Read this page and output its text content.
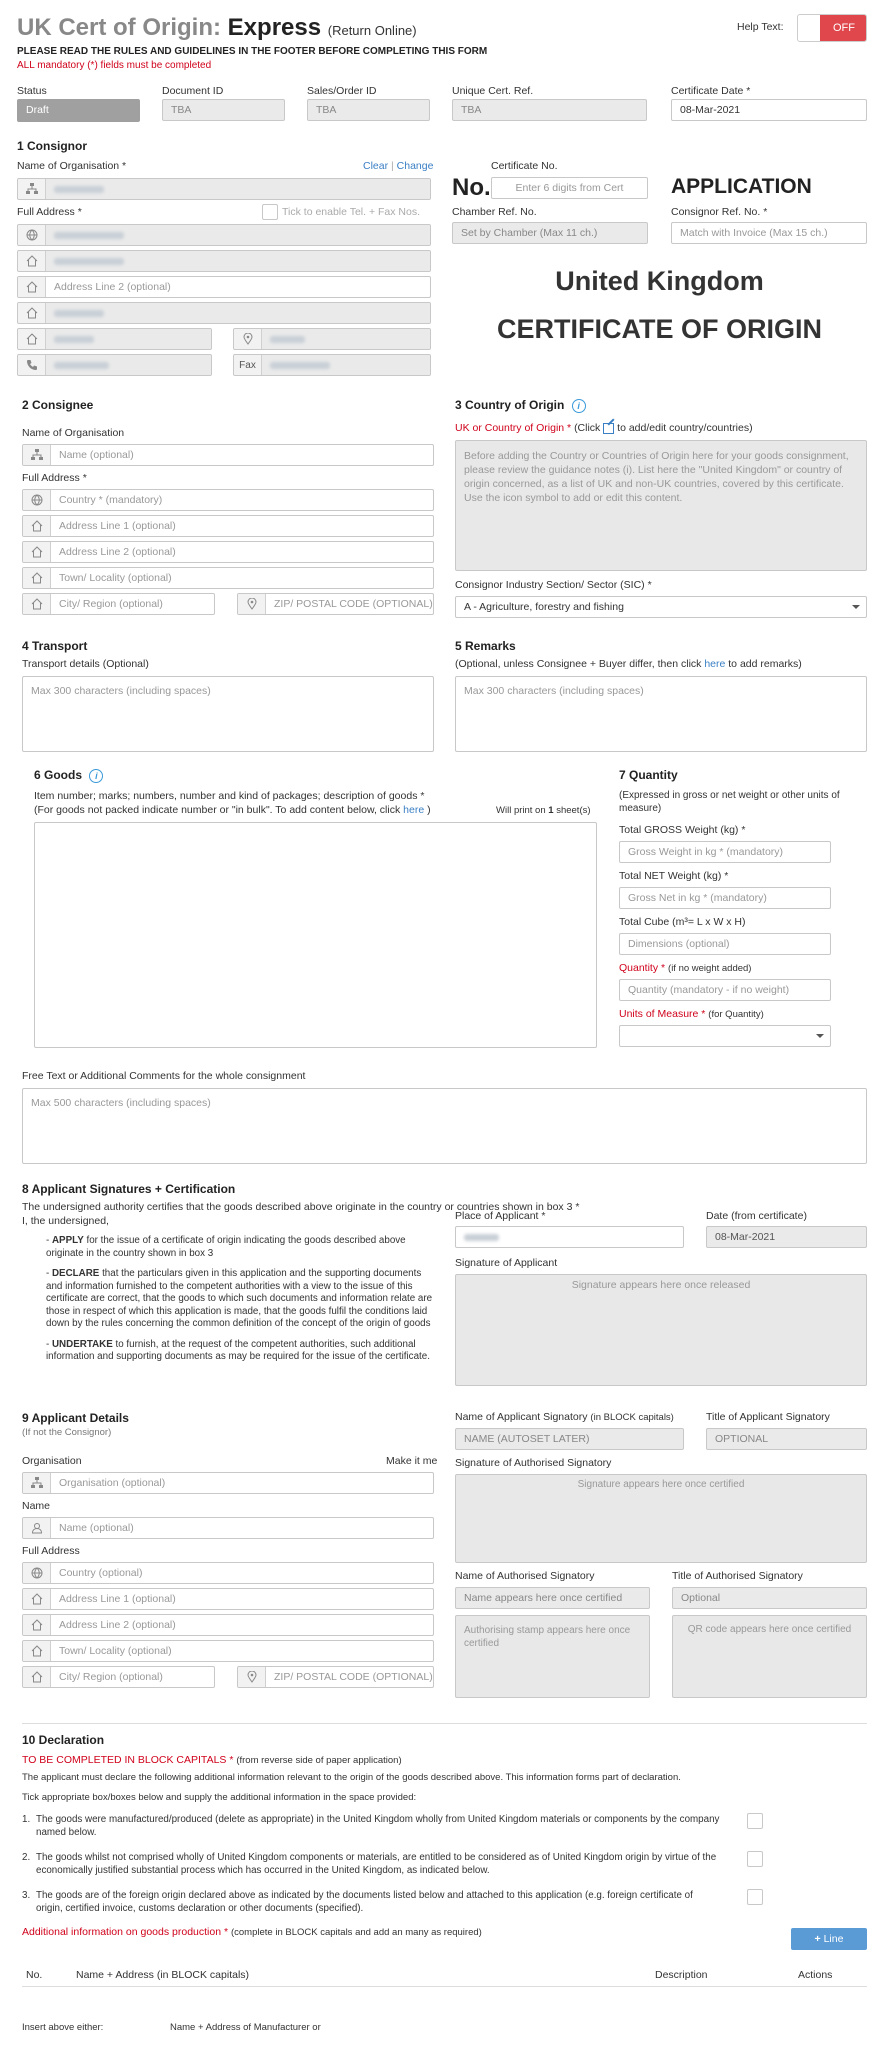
UK Cert of Origin: Express (Return Online)
PLEASE READ THE RULES AND GUIDELINES IN THE FOOTER BEFORE COMPLETING THIS FORM
ALL mandatory (*) fields must be completed
Help Text:	OFF
Status
Draft
Document ID
TBA
Sales/Order ID
TBA
Unique Cert. Ref.
TBA
Certificate Date *
08-Mar-2021
1 Consignor
Name of Organisation *	Clear | Change
Full Address *	Tick to enable Tel. + Fax Nos.
Address Line 2 (optional)
Fax
Certificate No.
No.	Enter 6 digits from Cert	APPLICATION
Chamber Ref. No.
Set by Chamber (Max 11 ch.)
Consignor Ref. No. *
Match with Invoice (Max 15 ch.)
United Kingdom
CERTIFICATE OF ORIGIN
2 Consignee
Name of Organisation
Name (optional)
Full Address *
Country * (mandatory)
Address Line 1 (optional)
Address Line 2 (optional)
Town/ Locality (optional)
City/ Region (optional)	ZIP/ POSTAL CODE (OPTIONAL)
3 Country of Origin i
UK or Country of Origin * (Click to add/edit country/countries)
Before adding the Country or Countries of Origin here for your goods consignment, please review the guidance notes (i). List here the "United Kingdom" or country of origin concerned, as a list of UK and non-UK countries, covered by this certificate. Use the icon symbol to add or edit this content.
Consignor Industry Section/ Sector (SIC) *
A - Agriculture, forestry and fishing
4 Transport
Transport details (Optional)
Max 300 characters (including spaces)
5 Remarks
(Optional, unless Consignee + Buyer differ, then click here to add remarks)
Max 300 characters (including spaces)
6 Goods i
Item number; marks; numbers, number and kind of packages; description of goods *
(For goods not packed indicate number or "in bulk". To add content below, click here )	Will print on 1 sheet(s)
7 Quantity
(Expressed in gross or net weight or other units of measure)
Total GROSS Weight (kg) *
Gross Weight in kg * (mandatory)
Total NET Weight (kg) *
Gross Net in kg * (mandatory)
Total Cube (m³= L x W x H)
Dimensions (optional)
Quantity * (if no weight added)
Quantity (mandatory - if no weight)
Units of Measure * (for Quantity)
Free Text or Additional Comments for the whole consignment
Max 500 characters (including spaces)
8 Applicant Signatures + Certification
The undersigned authority certifies that the goods described above originate in the country or countries shown in box 3 *
I, the undersigned,
- APPLY for the issue of a certificate of origin indicating the goods described above originate in the country shown in box 3
- DECLARE that the particulars given in this application and the supporting documents and information furnished to the competent authorities with a view to the issue of this certificate are correct, that the goods to which such documents and information relate are those in respect of which this application is made, that the goods fulfil the conditions laid down by the rules concerning the common definition of the concept of the origin of goods
- UNDERTAKE to furnish, at the request of the competent authorities, such additional information and supporting documents as may be required for the issue of the certificate.
Place of Applicant *	Date (from certificate)
08-Mar-2021
Signature of Applicant
Signature appears here once released
9 Applicant Details
(If not the Consignor)
Organisation	Make it me
Organisation (optional)
Name
Name (optional)
Full Address
Country (optional)
Address Line 1 (optional)
Address Line 2 (optional)
Town/ Locality (optional)
City/ Region (optional)	ZIP/ POSTAL CODE (OPTIONAL)
Name of Applicant Signatory (in BLOCK capitals)
NAME (AUTOSET LATER)
Title of Applicant Signatory
OPTIONAL
Signature of Authorised Signatory
Signature appears here once certified
Name of Authorised Signatory
Name appears here once certified
Title of Authorised Signatory
Optional
Authorising stamp appears here once certified
QR code appears here once certified
10 Declaration
TO BE COMPLETED IN BLOCK CAPITALS * (from reverse side of paper application)
The applicant must declare the following additional information relevant to the origin of the goods described above. This information forms part of declaration.
Tick appropriate box/boxes below and supply the additional information in the space provided:
1. The goods were manufactured/produced (delete as appropriate) in the United Kingdom wholly from United Kingdom materials or components by the company named below.
2. The goods whilst not comprised wholly of United Kingdom components or materials, are entitled to be considered as of United Kingdom origin by virtue of the economically justified substantial process which has occurred in the United Kingdom, as indicated below.
3. The goods are of the foreign origin declared above as indicated by the documents listed below and attached to this application (e.g. foreign certificate of origin, certified invoice, customs declaration or other documents (specified).
Additional information on goods production * (complete in BLOCK capitals and add an many as required)
+ Line
No.	Name + Address (in BLOCK capitals)	Description	Actions
Insert above either:	Name + Address of Manufacturer or
